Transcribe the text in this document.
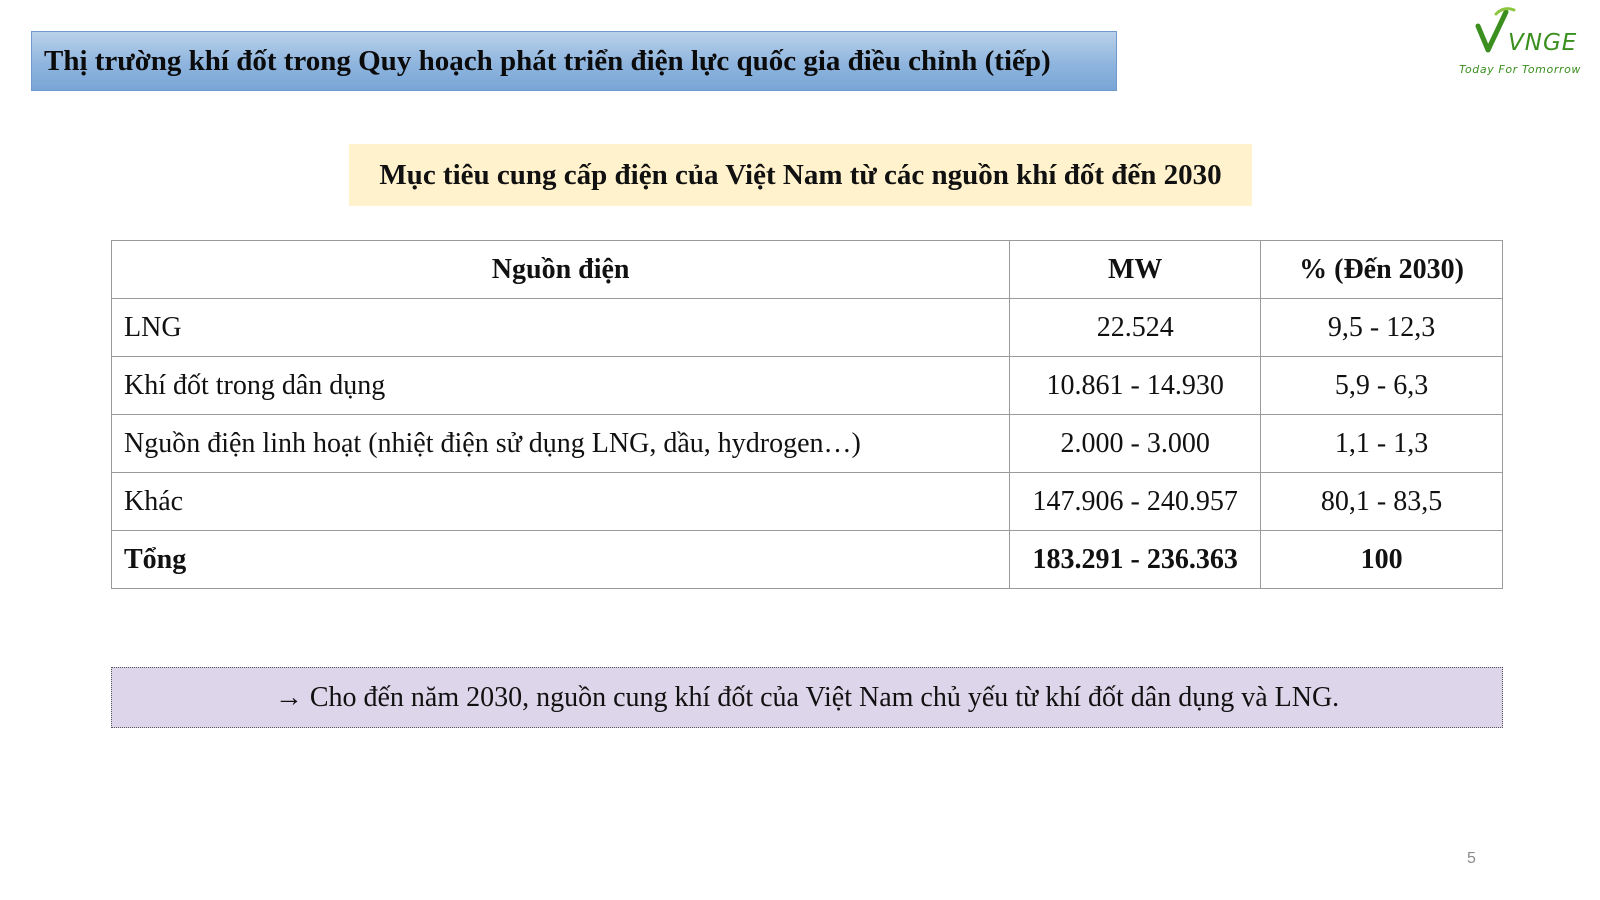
Thị trường khí đốt trong Quy hoạch phát triển điện lực quốc gia điều chỉnh (tiếp)
VNGE
Today For Tomorrow
Mục tiêu cung cấp điện của Việt Nam từ các nguồn khí đốt đến 2030
Nguồn điện	MW	% (Đến 2030)
LNG	22.524	9,5 - 12,3
Khí đốt trong dân dụng	10.861 - 14.930	5,9 - 6,3
Nguồn điện linh hoạt (nhiệt điện sử dụng LNG, dầu, hydrogen…)	2.000 - 3.000	1,1 - 1,3
Khác	147.906 - 240.957	80,1 - 83,5
Tổng	183.291 - 236.363	100
→ Cho đến năm 2030, nguồn cung khí đốt của Việt Nam chủ yếu từ khí đốt dân dụng và LNG.
5
